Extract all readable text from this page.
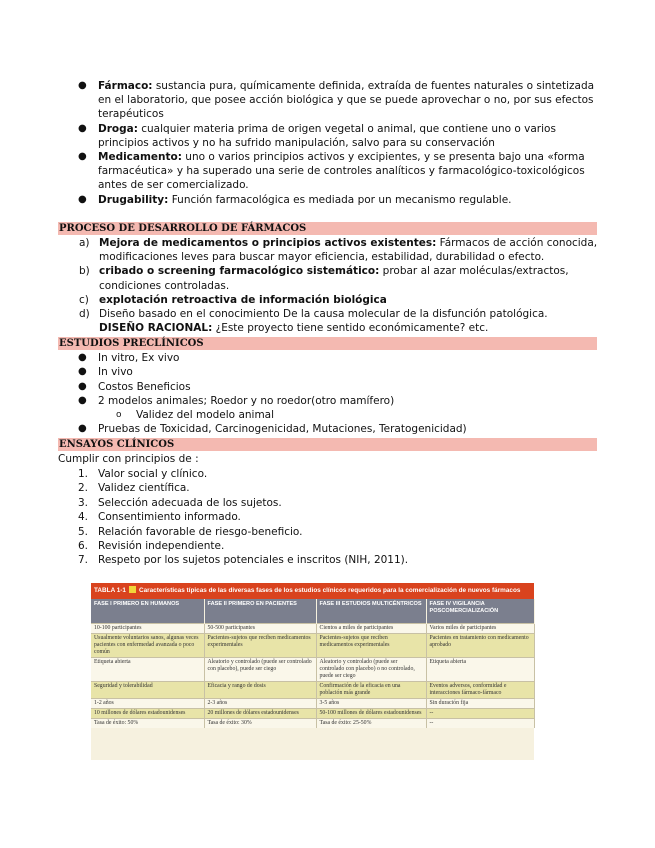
● Fármaco: sustancia pura, químicamente definida, extraída de fuentes naturales o sintetizada en el laboratorio, que posee acción biológica y que se puede aprovechar o no, por sus efectos terapéuticos
● Droga: cualquier materia prima de origen vegetal o animal, que contiene uno o varios principios activos y no ha sufrido manipulación, salvo para su conservación
● Medicamento: uno o varios principios activos y excipientes, y se presenta bajo una «forma farmacéutica» y ha superado una serie de controles analíticos y farmacológico-toxicológicos antes de ser comercializado.
● Drugability: Función farmacológica es mediada por un mecanismo regulable.
PROCESO DE DESARROLLO DE FÁRMACOS
a) Mejora de medicamentos o principios activos existentes: Fármacos de acción conocida, modificaciones leves para buscar mayor eficiencia, estabilidad, durabilidad o efecto.
b) cribado o screening farmacológico sistemático: probar al azar moléculas/extractos, condiciones controladas.
c) explotación retroactiva de información biológica
d) Diseño basado en el conocimiento De la causa molecular de la disfunción patológica.
DISEÑO RACIONAL: ¿Este proyecto tiene sentido económicamente? etc.
ESTUDIOS PRECLÍNICOS
● In vitro, Ex vivo
● In vivo
● Costos Beneficios
● 2 modelos animales; Roedor y no roedor(otro mamífero)
o Validez del modelo animal
● Pruebas de Toxicidad, Carcinogenicidad, Mutaciones, Teratogenicidad)
ENSAYOS CLÍNICOS
Cumplir con principios de :
1. Valor social y clínico.
2. Validez científica.
3. Selección adecuada de los sujetos.
4. Consentimiento informado.
5. Relación favorable de riesgo-beneficio.
6. Revisión independiente.
7. Respeto por los sujetos potenciales e inscritos (NIH, 2011).
TABLA 1-1 Características típicas de las diversas fases de los estudios clínicos requeridos para la comercialización de nuevos fármacos
FASE I PRIMERO EN HUMANOS	FASE II PRIMERO EN PACIENTES	FASE III ESTUDIOS MULTICÉNTRICOS	FASE IV VIGILANCIA POSCOMERCIALIZACIÓN
10-100 participantes	50-500 participantes	Cientos a miles de participantes	Varios miles de participantes
Usualmente voluntarios sanos, algunas veces pacientes con enfermedad avanzada o poco común	Pacientes-sujetos que reciben medicamentos experimentales	Pacientes-sujetos que reciben medicamentos experimentales	Pacientes en tratamiento con medicamento aprobado
Etiqueta abierta	Aleatorio y controlado (puede ser controlado con placebo), puede ser ciego	Aleatorio y controlado (puede ser controlado con placebo) o no controlado, puede ser ciego	Etiqueta abierta
Seguridad y tolerabilidad	Eficacia y rango de dosis	Confirmación de la eficacia en una población más grande	Eventos adversos, conformidad e interacciones fármaco-fármaco
1-2 años	2-3 años	3-5 años	Sin duración fija
10 millones de dólares estadounidenses	20 millones de dólares estadounidenses	50-100 millones de dólares estadounidenses	--
Tasa de éxito: 50%	Tasa de éxito: 30%	Tasa de éxito: 25-50%	--
